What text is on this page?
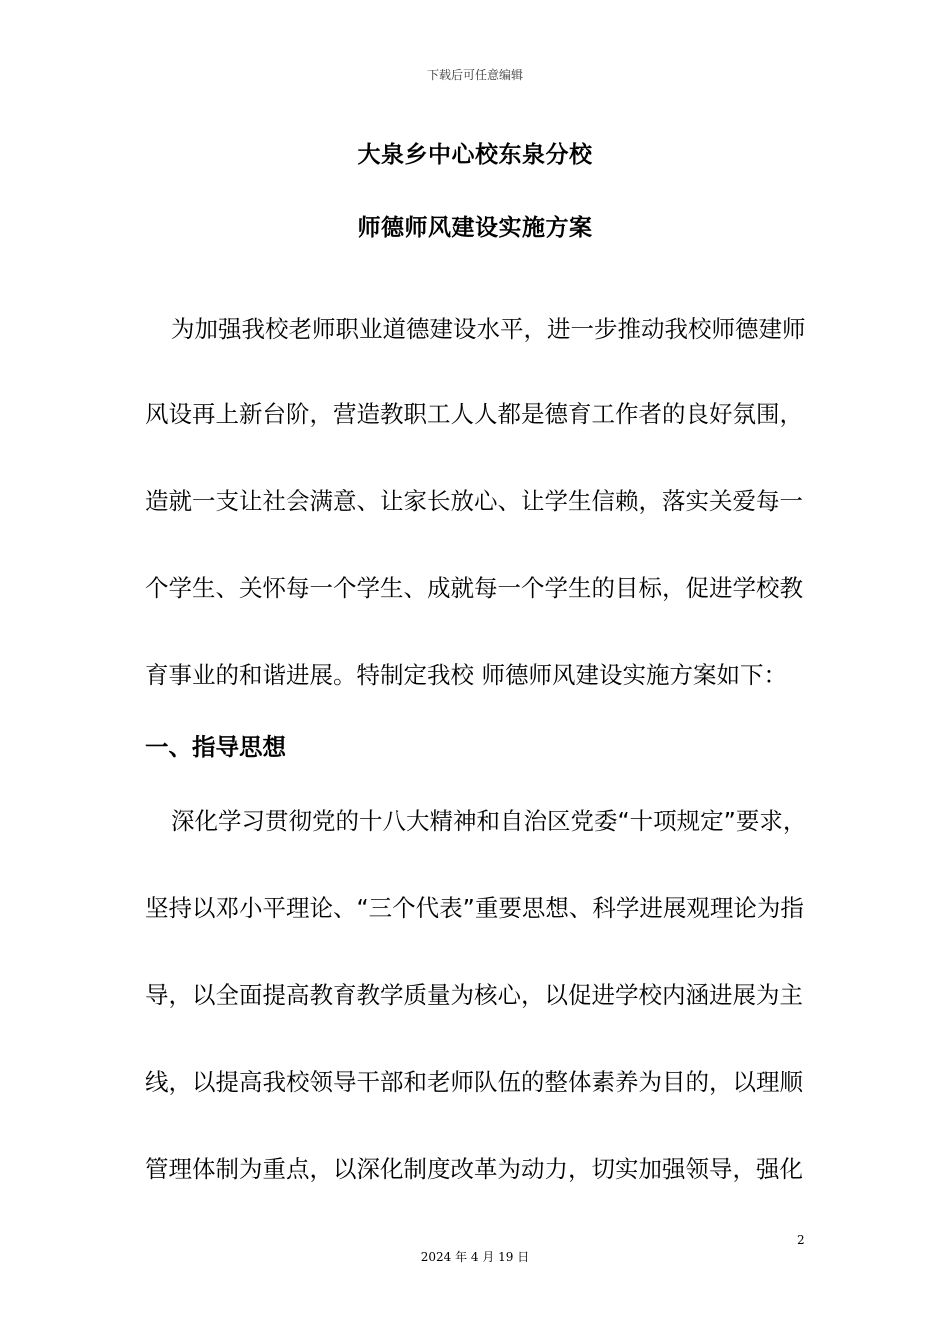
下载后可任意编辑
大泉乡中心校东泉分校
师德师风建设实施方案
为加强我校老师职业道德建设水平，进一步推动我校师德建师
风设再上新台阶，营造教职工人人都是德育工作者的良好氛围，
造就一支让社会满意、让家长放心、让学生信赖，落实关爱每一
个学生、关怀每一个学生、成就每一个学生的目标，促进学校教
育事业的和谐进展。特制定我校 师德师风建设实施方案如下：
一、指导思想
深化学习贯彻党的十八大精神和自治区党委“十项规定”要求，
坚持以邓小平理论、“三个代表”重要思想、科学进展观理论为指
导，以全面提高教育教学质量为核心，以促进学校内涵进展为主
线，以提高我校领导干部和老师队伍的整体素养为目的，以理顺
管理体制为重点，以深化制度改革为动力，切实加强领导，强化
2
2024 年 4 月 19 日
